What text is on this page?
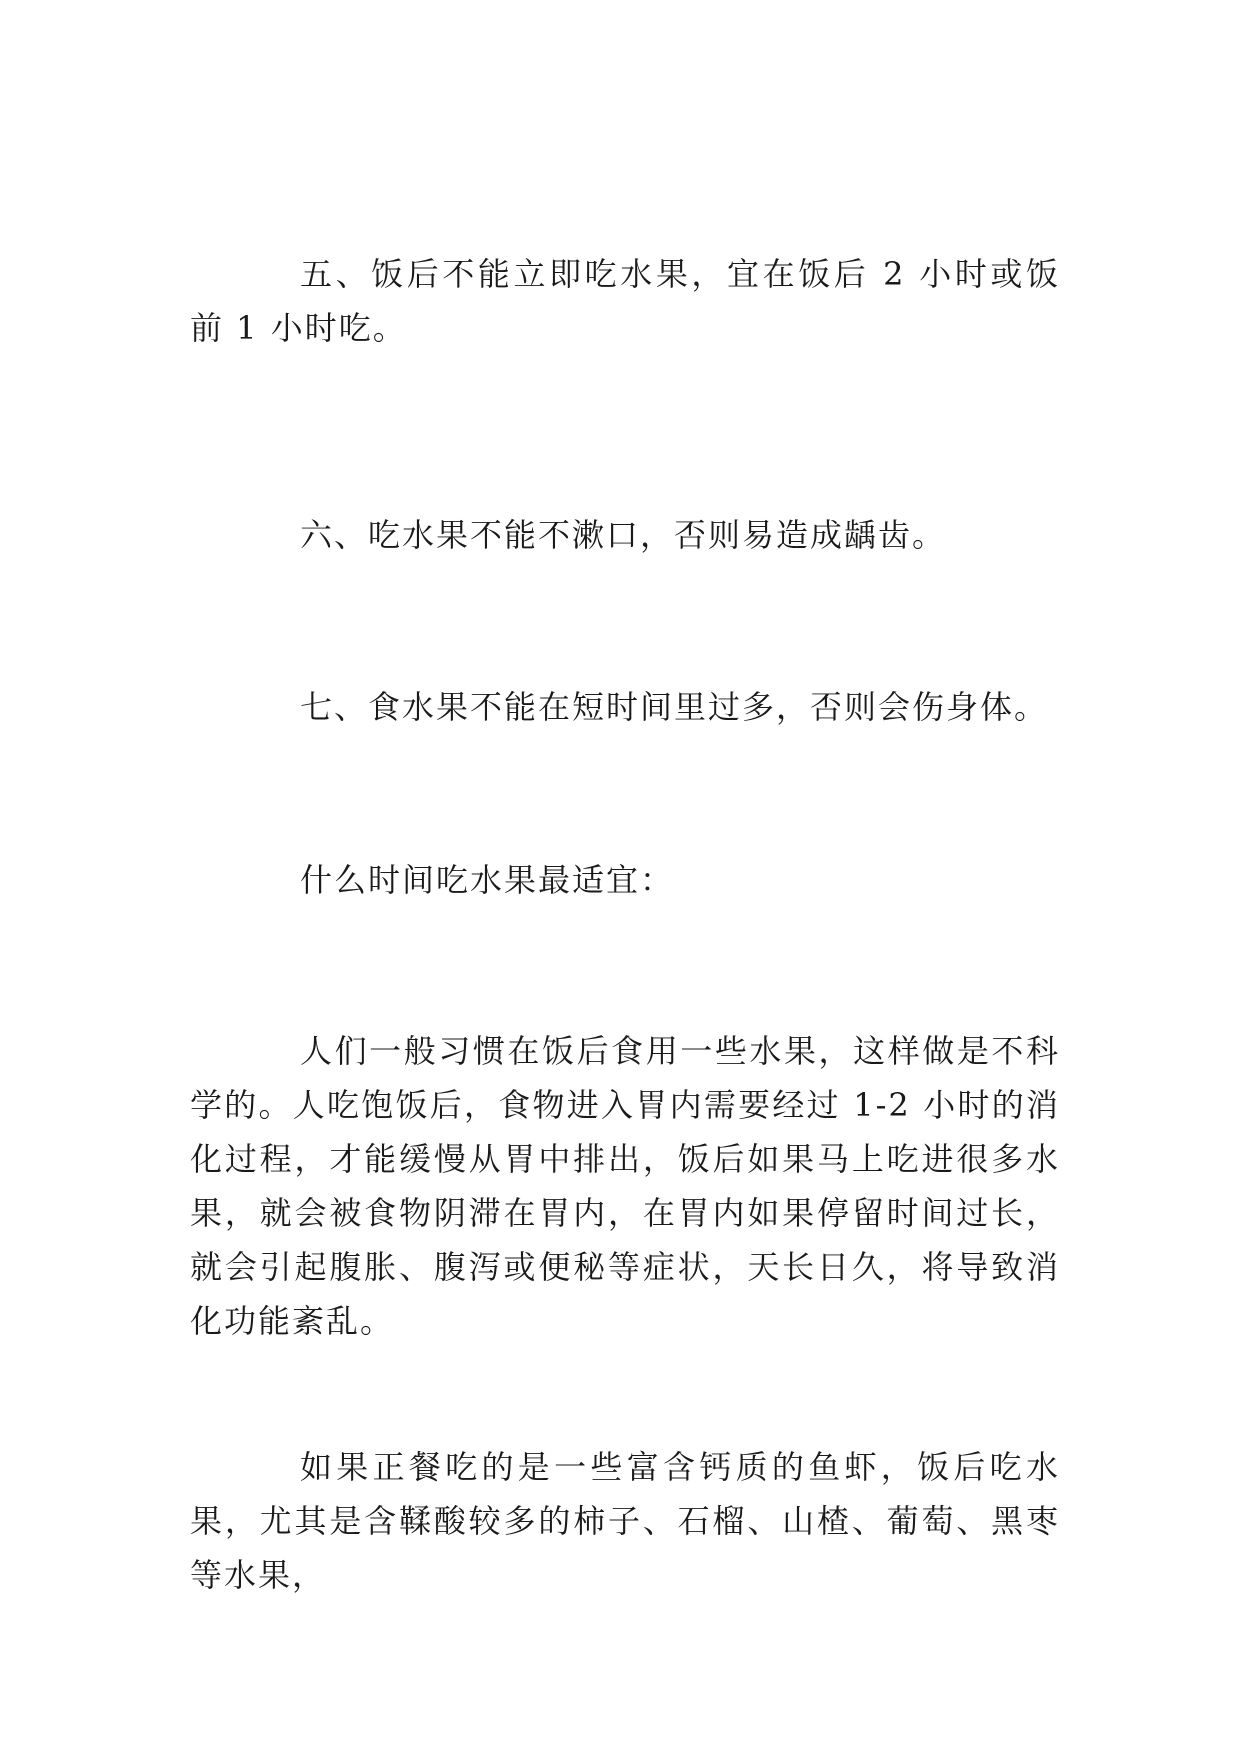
五、饭后不能立即吃水果，宜在饭后 2 小时或饭前 1 小时吃。

六、吃水果不能不漱口，否则易造成龋齿。

七、食水果不能在短时间里过多，否则会伤身体。

什么时间吃水果最适宜：

人们一般习惯在饭后食用一些水果，这样做是不科学的。人吃饱饭后，食物进入胃内需要经过 1-2 小时的消化过程，才能缓慢从胃中排出，饭后如果马上吃进很多水果，就会被食物阴滞在胃内，在胃内如果停留时间过长，就会引起腹胀、腹泻或便秘等症状，天长日久，将导致消化功能紊乱。

如果正餐吃的是一些富含钙质的鱼虾，饭后吃水果，尤其是含鞣酸较多的柿子、石榴、山楂、葡萄、黑枣等水果，
